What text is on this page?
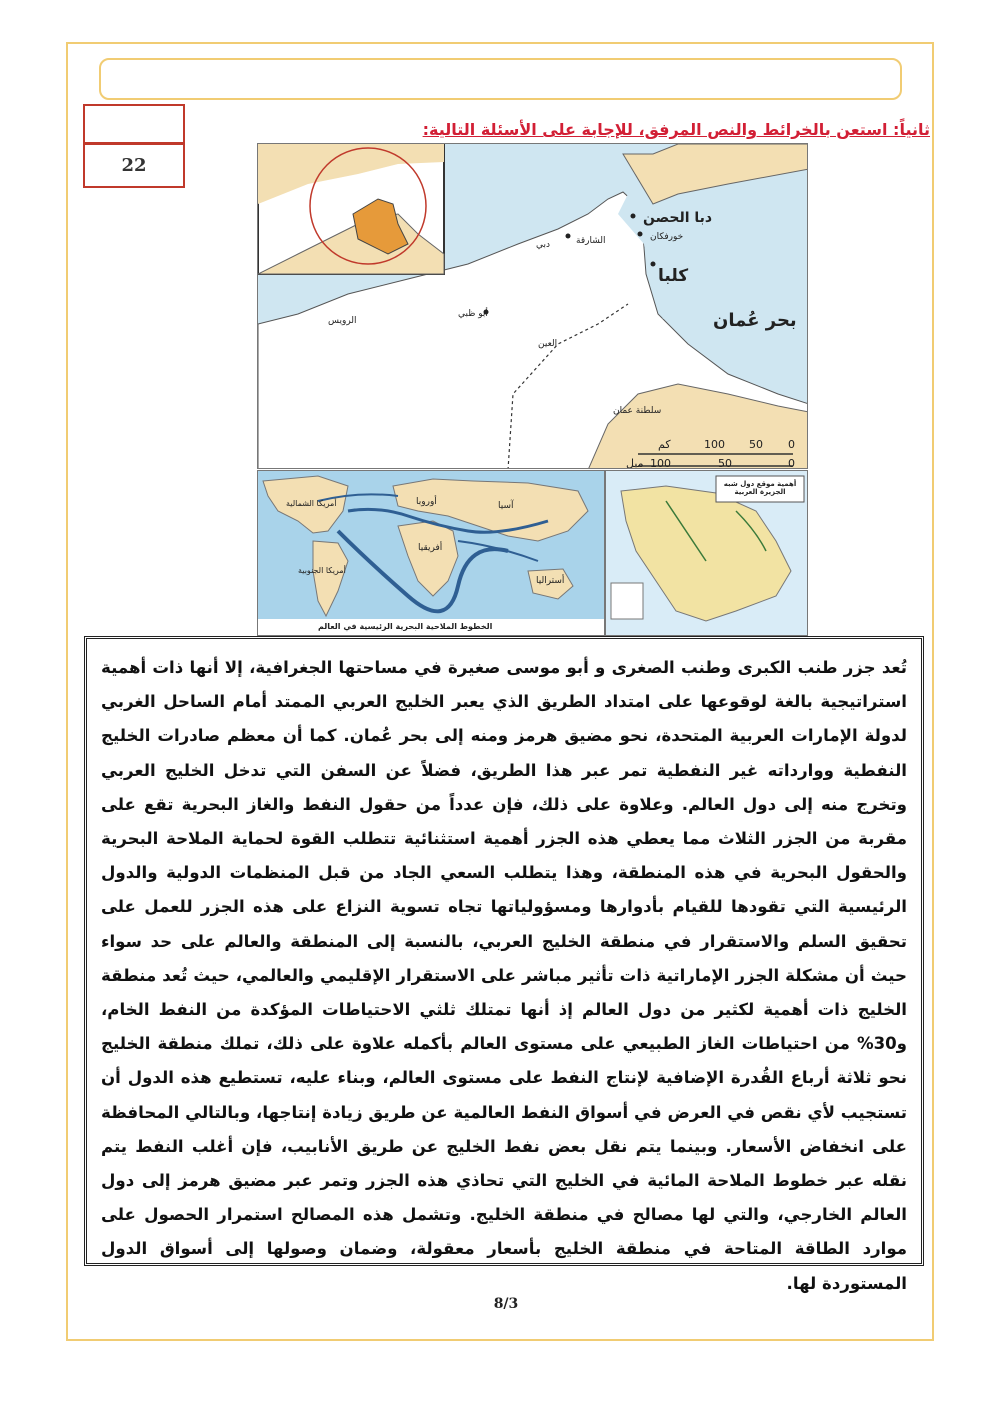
22
ثانياً: استعن بالخرائط والنص المرفق، للإجابة على الأسئلة التالية:
بحر عُمان
دبا الحصن
خورفكان
كلبا
الشارقة
دبي
أبو ظبي
الرويس
العين
سلطنة عمان
كم	100 50 0
ميل 100	50	0
أمريكا الشمالية
أمريكا الجنوبية
أوروبا
أفريقيا
آسيا
أستراليا
الخطوط الملاحية البحرية الرئيسية في العالم
أهمية موقع دول شبه الجزيرة العربية

تُعد جزر طنب الكبرى وطنب الصغرى و أبو موسى صغيرة في مساحتها الجغرافية، إلا أنها ذات أهمية استراتيجية بالغة لوقوعها على امتداد الطريق الذي يعبر الخليج العربي الممتد أمام الساحل الغربي لدولة الإمارات العربية المتحدة، نحو مضيق هرمز ومنه إلى بحر عُمان. كما أن معظم صادرات الخليج النفطية ووارداته غير النفطية تمر عبر هذا الطريق، فضلاً عن السفن التي تدخل الخليج العربي وتخرج منه إلى دول العالم. وعلاوة على ذلك، فإن عدداً من حقول النفط والغاز البحرية تقع على مقربة من الجزر الثلاث مما يعطي هذه الجزر أهمية استثنائية تتطلب القوة لحماية الملاحة البحرية والحقول البحرية في هذه المنطقة، وهذا يتطلب السعي الجاد من قبل المنظمات الدولية والدول الرئيسية التي تقودها للقيام بأدوارها ومسؤولياتها تجاه تسوية النزاع على هذه الجزر للعمل على تحقيق السلم والاستقرار في منطقة الخليج العربي، بالنسبة إلى المنطقة والعالم على حد سواء حيث أن مشكلة الجزر الإماراتية ذات تأثير مباشر على الاستقرار الإقليمي والعالمي، حيث تُعد منطقة الخليج ذات أهمية لكثير من دول العالم إذ أنها تمتلك ثلثي الاحتياطات المؤكدة من النفط الخام، و30% من احتياطات الغاز الطبيعي على مستوى العالم بأكمله علاوة على ذلك، تملك منطقة الخليج نحو ثلاثة أرباع القُدرة الإضافية لإنتاج النفط على مستوى العالم، وبناء عليه، تستطيع هذه الدول أن تستجيب لأي نقص في العرض في أسواق النفط العالمية عن طريق زيادة إنتاجها، وبالتالي المحافظة على انخفاض الأسعار. وبينما يتم نقل بعض نفط الخليج عن طريق الأنابيب، فإن أغلب النفط يتم نقله عبر خطوط الملاحة المائية في الخليج التي تحاذي هذه الجزر وتمر عبر مضيق هرمز إلى دول العالم الخارجي، والتي لها مصالح في منطقة الخليج. وتشمل هذه المصالح استمرار الحصول على موارد الطاقة المتاحة في منطقة الخليج بأسعار معقولة، وضمان وصولها إلى أسواق الدول المستوردة لها.

8/3
